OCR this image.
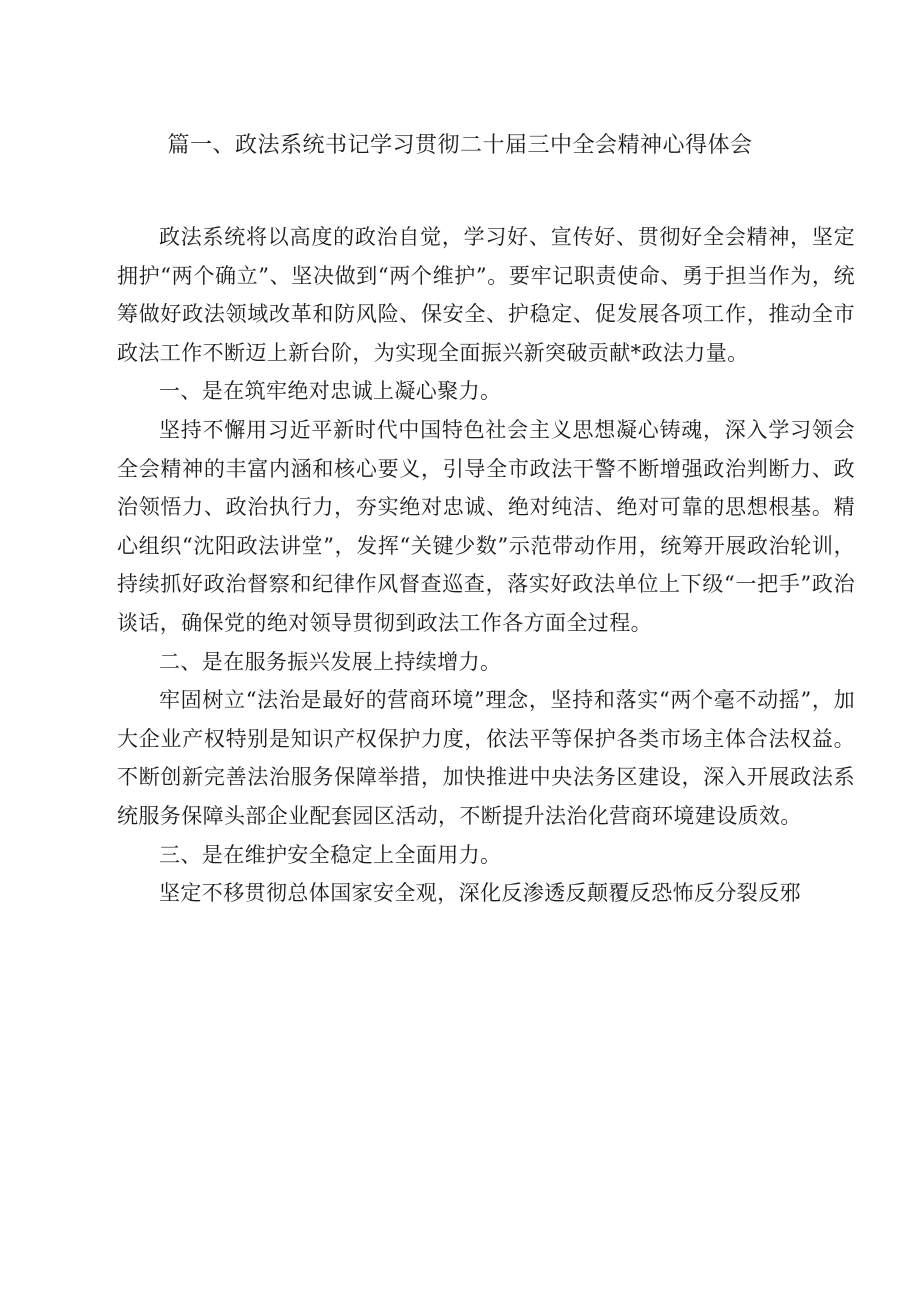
篇一、政法系统书记学习贯彻二十届三中全会精神心得体会

政法系统将以高度的政治自觉，学习好、宣传好、贯彻好全会精神，坚定拥护“两个确立”、坚决做到“两个维护”。要牢记职责使命、勇于担当作为，统筹做好政法领域改革和防风险、保安全、护稳定、促发展各项工作，推动全市政法工作不断迈上新台阶，为实现全面振兴新突破贡献*政法力量。

一、是在筑牢绝对忠诚上凝心聚力。

坚持不懈用习近平新时代中国特色社会主义思想凝心铸魂，深入学习领会全会精神的丰富内涵和核心要义，引导全市政法干警不断增强政治判断力、政治领悟力、政治执行力，夯实绝对忠诚、绝对纯洁、绝对可靠的思想根基。精心组织“沈阳政法讲堂”，发挥“关键少数”示范带动作用，统筹开展政治轮训，持续抓好政治督察和纪律作风督查巡查，落实好政法单位上下级“一把手”政治谈话，确保党的绝对领导贯彻到政法工作各方面全过程。

二、是在服务振兴发展上持续增力。

牢固树立“法治是最好的营商环境”理念，坚持和落实“两个毫不动摇”，加大企业产权特别是知识产权保护力度，依法平等保护各类市场主体合法权益。不断创新完善法治服务保障举措，加快推进中央法务区建设，深入开展政法系统服务保障头部企业配套园区活动，不断提升法治化营商环境建设质效。

三、是在维护安全稳定上全面用力。

坚定不移贯彻总体国家安全观，深化反渗透反颠覆反恐怖反分裂反邪
